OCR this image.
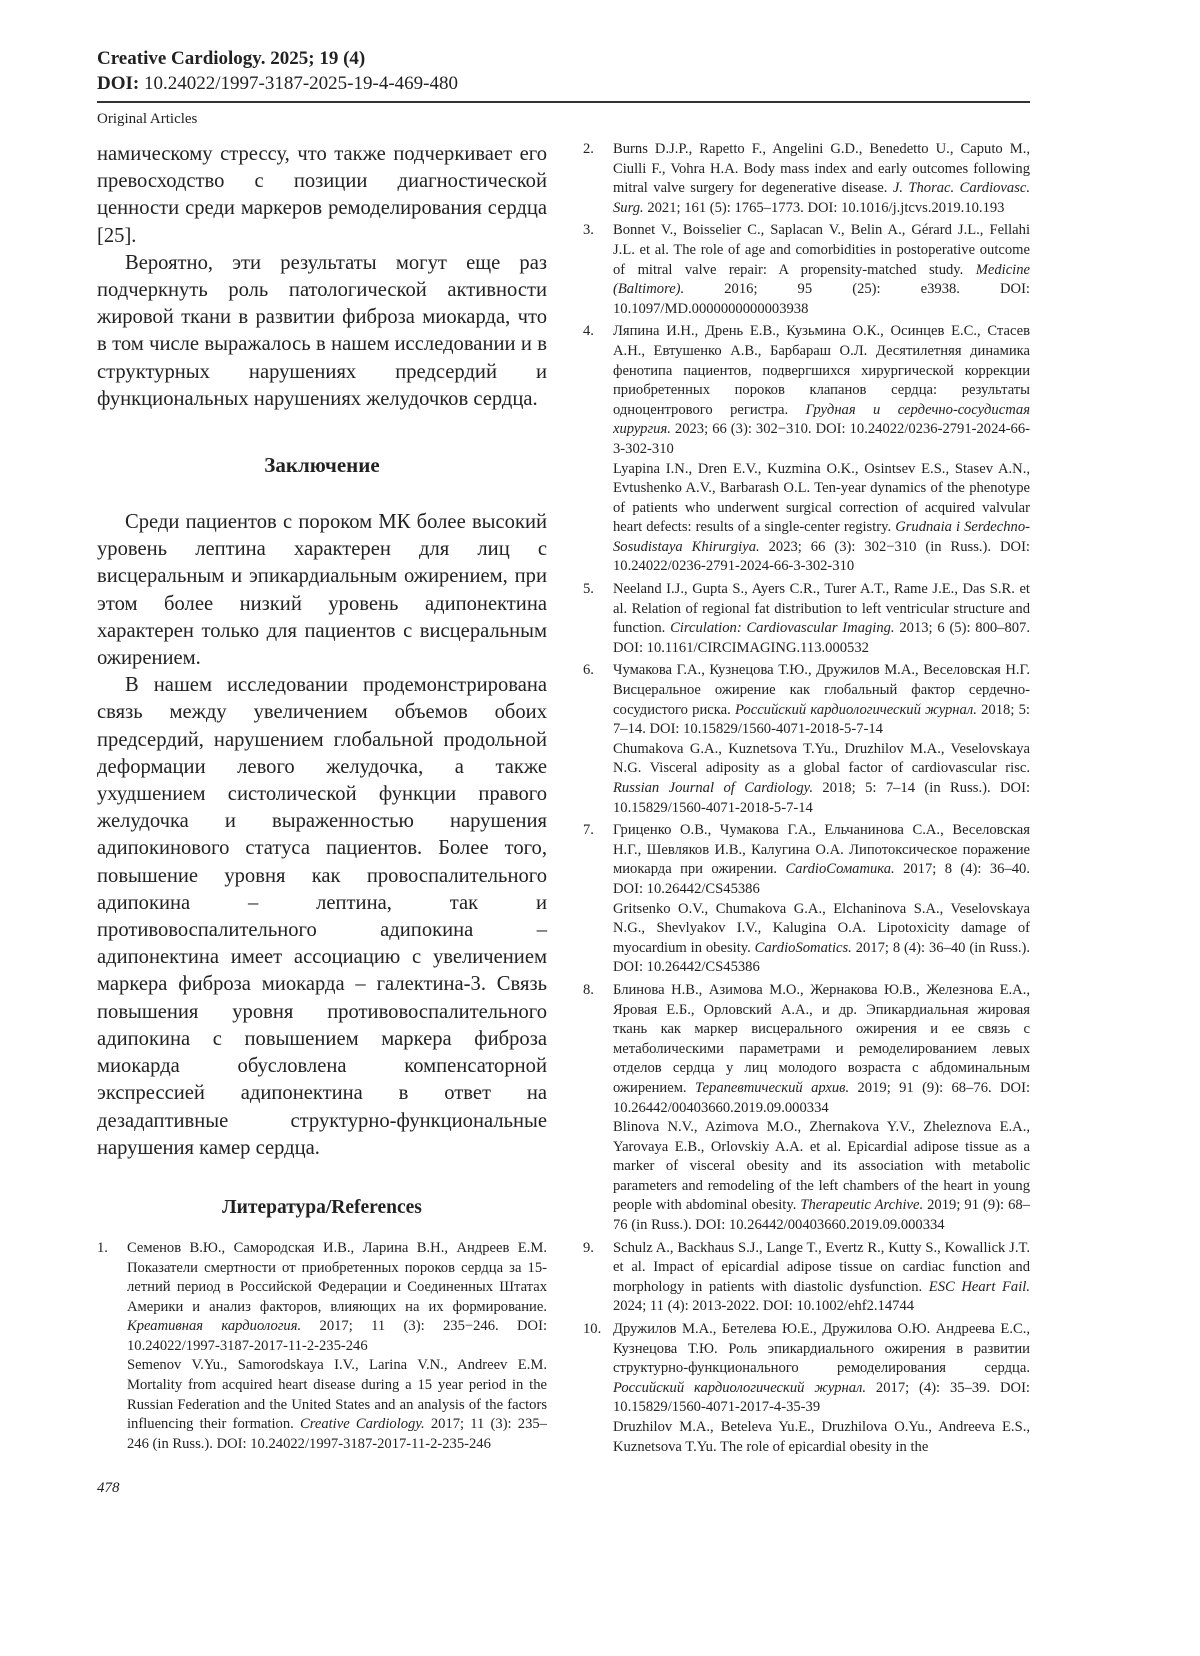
Creative Cardiology. 2025; 19 (4)
DOI: 10.24022/1997-3187-2025-19-4-469-480
Original Articles

намическому стрессу, что также подчеркивает его превосходство с позиции диагностической ценности среди маркеров ремоделирования сердца [25].

Вероятно, эти результаты могут еще раз подчеркнуть роль патологической активности жировой ткани в развитии фиброза миокарда, что в том числе выражалось в нашем исследовании и в структурных нарушениях предсердий и функциональных нарушениях желудочков сердца.

Заключение

Среди пациентов с пороком МК более высокий уровень лептина характерен для лиц с висцеральным и эпикардиальным ожирением, при этом более низкий уровень адипонектина характерен только для пациентов с висцеральным ожирением.

В нашем исследовании продемонстрирована связь между увеличением объемов обоих предсердий, нарушением глобальной продольной деформации левого желудочка, а также ухудшением систолической функции правого желудочка и выраженностью нарушения адипокинового статуса пациентов. Более того, повышение уровня как провоспалительного адипокина – лептина, так и противовоспалительного адипокина – адипонектина имеет ассоциацию с увеличением маркера фиброза миокарда – галектина-3. Связь повышения уровня противовоспалительного адипокина с повышением маркера фиброза миокарда обусловлена компенсаторной экспрессией адипонектина в ответ на дезадаптивные структурно-функциональные нарушения камер сердца.

Литература/References
1.	Семенов В.Ю., Самородская И.В., Ларина В.Н., Андреев Е.М. Показатели смертности от приобретенных пороков сердца за 15-летний период в Российской Федерации и Соединенных Штатах Америки и анализ факторов, влияющих на их формирование. Креативная кардиология. 2017; 11 (3): 235−246. DOI: 10.24022/1997-3187-2017-11-2-235-246
Semenov V.Yu., Samorodskaya I.V., Larina V.N., Andreev E.M. Mortality from acquired heart disease during a 15 year period in the Russian Federation and the United States and an analysis of the factors influencing their formation. Creative Cardiology. 2017; 11 (3): 235–246 (in Russ.). DOI: 10.24022/1997-3187-2017-11-2-235-246
2.	Burns D.J.P., Rapetto F., Angelini G.D., Benedetto U., Caputo M., Ciulli F., Vohra H.A. Body mass index and early outcomes following mitral valve surgery for degenerative disease. J. Thorac. Cardiovasc. Surg. 2021; 161 (5): 1765–1773. DOI: 10.1016/j.jtcvs.2019.10.193
3.	Bonnet V., Boisselier C., Saplacan V., Belin A., Gérard J.L., Fellahi J.L. et al. The role of age and comorbidities in postoperative outcome of mitral valve repair: A propensity-matched study. Medicine (Baltimore). 2016; 95 (25): e3938. DOI: 10.1097/MD.0000000000003938
4.	Ляпина И.Н., Дрень Е.В., Кузьмина О.К., Осинцев Е.С., Стасев А.Н., Евтушенко А.В., Барбараш О.Л. Десятилетняя динамика фенотипа пациентов, подвергшихся хирургической коррекции приобретенных пороков клапанов сердца: результаты одноцентрового регистра. Грудная и сердечно-сосудистая хирургия. 2023; 66 (3): 302−310. DOI: 10.24022/0236-2791-2024-66-3-302-310
Lyapina I.N., Dren E.V., Kuzmina O.K., Osintsev E.S., Stasev A.N., Evtushenko A.V., Barbarash O.L. Ten-year dynamics of the phenotype of patients who underwent surgical correction of acquired valvular heart defects: results of a single-center registry. Grudnaia i Serdechno-Sosudistaya Khirurgiya. 2023; 66 (3): 302−310 (in Russ.). DOI: 10.24022/0236-2791-2024-66-3-302-310
5.	Neeland I.J., Gupta S., Ayers C.R., Turer A.T., Rame J.E., Das S.R. et al. Relation of regional fat distribution to left ventricular structure and function. Circulation: Cardiovascular Imaging. 2013; 6 (5): 800–807. DOI: 10.1161/CIRCIMAGING.113.000532
6.	Чумакова Г.А., Кузнецова Т.Ю., Дружилов М.А., Веселовская Н.Г. Висцеральное ожирение как глобальный фактор сердечно-сосудистого риска. Российский кардиологический журнал. 2018; 5: 7–14. DOI: 10.15829/1560-4071-2018-5-7-14
Chumakova G.A., Kuznetsova T.Yu., Druzhilov M.A., Veselovskaya N.G. Visceral adiposity as a global factor of cardiovascular risc. Russian Journal of Cardiology. 2018; 5: 7–14 (in Russ.). DOI: 10.15829/1560-4071-2018-5-7-14
7.	Гриценко О.В., Чумакова Г.А., Ельчанинова С.А., Веселовская Н.Г., Шевляков И.В., Калугина О.А. Липотоксическое поражение миокарда при ожирении. CardioСоматика. 2017; 8 (4): 36–40. DOI: 10.26442/CS45386
Gritsenko O.V., Chumakova G.A., Elchaninova S.A., Veselovskaya N.G., Shevlyakov I.V., Kalugina O.A. Lipotoxicity damage of myocardium in obesity. CardioSomatics. 2017; 8 (4): 36–40 (in Russ.). DOI: 10.26442/CS45386
8.	Блинова Н.В., Азимова М.О., Жернакова Ю.В., Железнова Е.А., Яровая Е.Б., Орловский А.А., и др. Эпикардиальная жировая ткань как маркер висцерального ожирения и ее связь с метаболическими параметрами и ремоделированием левых отделов сердца у лиц молодого возраста с абдоминальным ожирением. Терапевтический архив. 2019; 91 (9): 68–76. DOI: 10.26442/00403660.2019.09.000334
Blinova N.V., Azimova M.O., Zhernakova Y.V., Zheleznova E.A., Yarovaya E.B., Orlovskiy A.A. et al. Epicardial adipose tissue as a marker of visceral obesity and its association with metabolic parameters and remodeling of the left chambers of the heart in young people with abdominal obesity. Therapeutic Archive. 2019; 91 (9): 68–76 (in Russ.). DOI: 10.26442/00403660.2019.09.000334
9.	Schulz A., Backhaus S.J., Lange T., Evertz R., Kutty S., Kowallick J.T. et al. Impact of epicardial adipose tissue on cardiac function and morphology in patients with diastolic dysfunction. ESC Heart Fail. 2024; 11 (4): 2013-2022. DOI: 10.1002/ehf2.14744
10. Дружилов М.А., Бетелева Ю.Е., Дружилова О.Ю. Андреева Е.С., Кузнецова Т.Ю. Роль эпикардиального ожирения в развитии структурно-функционального ремоделирования сердца. Российский кардиологический журнал. 2017; (4): 35–39. DOI: 10.15829/1560-4071-2017-4-35-39
Druzhilov M.A., Beteleva Yu.E., Druzhilova O.Yu., Andreeva E.S., Kuznetsova T.Yu. The role of epicardial obesity in the
478
